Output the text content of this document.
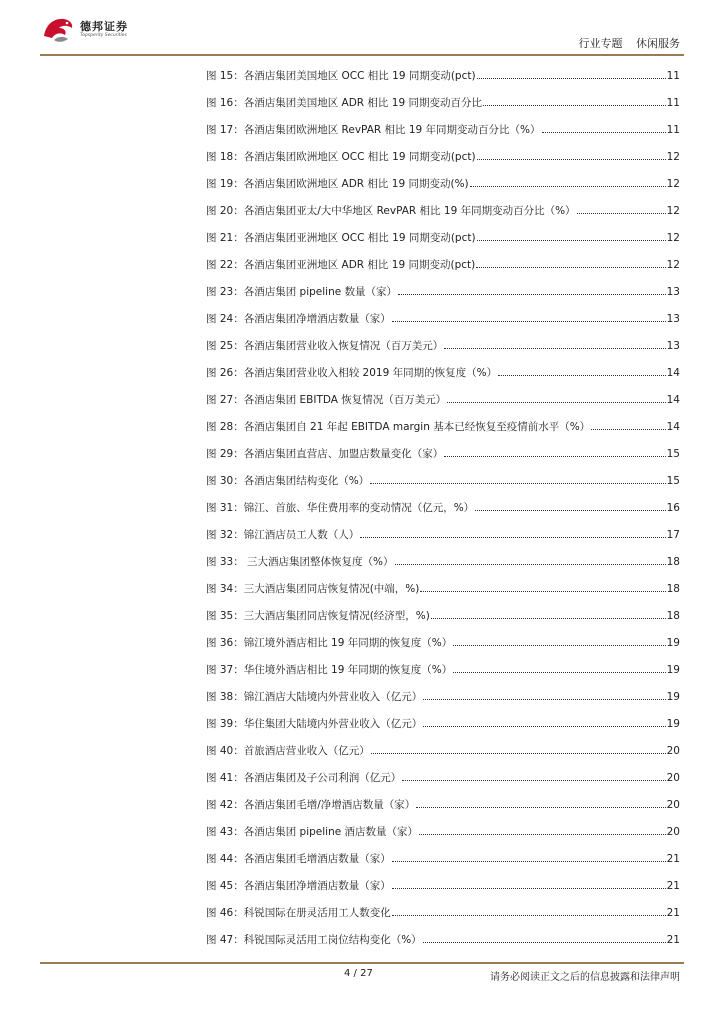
德邦证券
Topsperity Securities
行业专题 休闲服务
图 15：各酒店集团美国地区 OCC 相比 19 同期变动(pct)	11
图 16：各酒店集团美国地区 ADR 相比 19 同期变动百分比	11
图 17：各酒店集团欧洲地区 RevPAR 相比 19 年同期变动百分比（%）	11
图 18：各酒店集团欧洲地区 OCC 相比 19 同期变动(pct)	12
图 19：各酒店集团欧洲地区 ADR 相比 19 同期变动(%)	12
图 20：各酒店集团亚太/大中华地区 RevPAR 相比 19 年同期变动百分比（%）	12
图 21：各酒店集团亚洲地区 OCC 相比 19 同期变动(pct)	12
图 22：各酒店集团亚洲地区 ADR 相比 19 同期变动(pct)	12
图 23：各酒店集团 pipeline 数量（家）	13
图 24：各酒店集团净增酒店数量（家）	13
图 25：各酒店集团营业收入恢复情况（百万美元）	13
图 26：各酒店集团营业收入相较 2019 年同期的恢复度（%）	14
图 27：各酒店集团 EBITDA 恢复情况（百万美元）	14
图 28：各酒店集团自 21 年起 EBITDA margin 基本已经恢复至疫情前水平（%）	14
图 29：各酒店集团直营店、加盟店数量变化（家）	15
图 30：各酒店集团结构变化（%）	15
图 31：锦江、首旅、华住费用率的变动情况（亿元，%）	16
图 32：锦江酒店员工人数（人）	17
图 33： 三大酒店集团整体恢复度（%）	18
图 34：三大酒店集团同店恢复情况(中端，%)	18
图 35：三大酒店集团同店恢复情况(经济型，%)	18
图 36：锦江境外酒店相比 19 年同期的恢复度（%）	19
图 37：华住境外酒店相比 19 年同期的恢复度（%）	19
图 38：锦江酒店大陆境内外营业收入（亿元）	19
图 39：华住集团大陆境内外营业收入（亿元）	19
图 40：首旅酒店营业收入（亿元）	20
图 41：各酒店集团及子公司利润（亿元）	20
图 42：各酒店集团毛增/净增酒店数量（家）	20
图 43：各酒店集团 pipeline 酒店数量（家）	20
图 44：各酒店集团毛增酒店数量（家）	21
图 45：各酒店集团净增酒店数量（家）	21
图 46：科锐国际在册灵活用工人数变化	21
图 47：科锐国际灵活用工岗位结构变化（%）	21
4 / 27	请务必阅读正文之后的信息披露和法律声明
